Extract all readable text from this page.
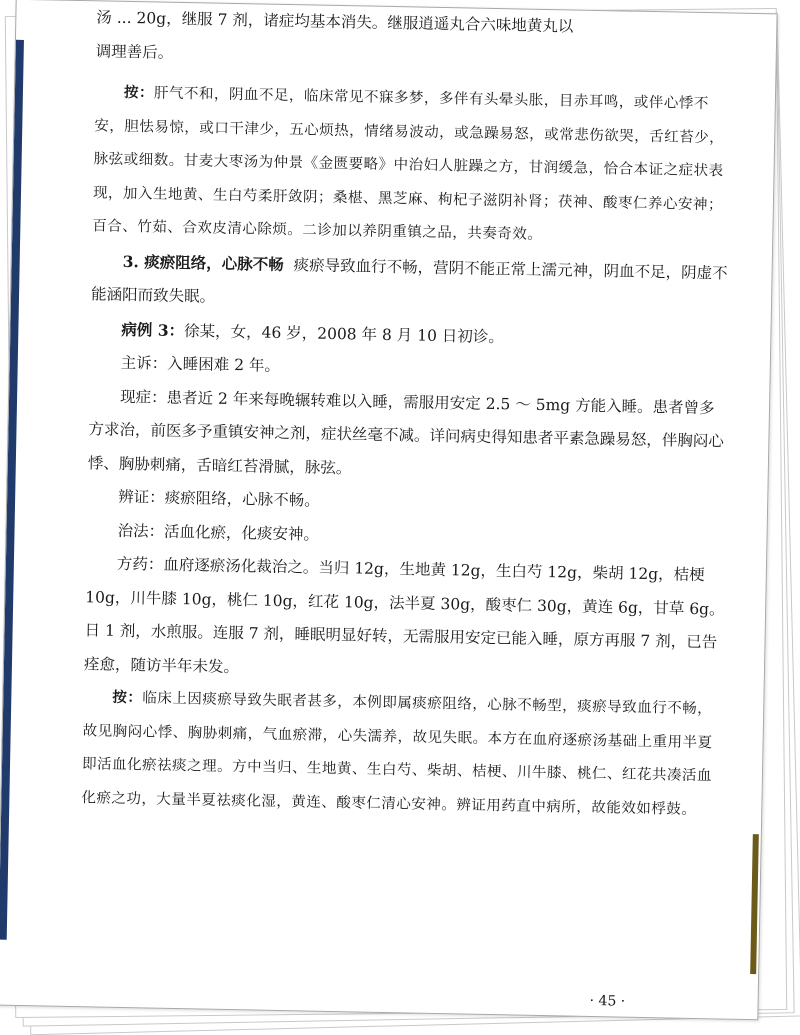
汤 ... 20g，继服 7 剂，诸症均基本消失。继服逍遥丸合六味地黄丸以

调理善后。

按：肝气不和，阴血不足，临床常见不寐多梦，多伴有头晕头胀，目赤耳鸣，或伴心悸不安，胆怯易惊，或口干津少，五心烦热，情绪易波动，或急躁易怒，或常悲伤欲哭，舌红苔少，脉弦或细数。甘麦大枣汤为仲景《金匮要略》中治妇人脏躁之方，甘润缓急，恰合本证之症状表现，加入生地黄、生白芍柔肝敛阴；桑椹、黑芝麻、枸杞子滋阴补肾；茯神、酸枣仁养心安神；百合、竹茹、合欢皮清心除烦。二诊加以养阴重镇之品，共奏奇效。

3. 痰瘀阻络，心脉不畅 痰瘀导致血行不畅，营阴不能正常上濡元神，阴血不足，阴虚不能涵阳而致失眠。

病例 3：徐某，女，46 岁，2008 年 8 月 10 日初诊。

主诉：入睡困难 2 年。

现症：患者近 2 年来每晚辗转难以入睡，需服用安定 2.5 ～ 5mg 方能入睡。患者曾多方求治，前医多予重镇安神之剂，症状丝毫不减。详问病史得知患者平素急躁易怒，伴胸闷心悸、胸胁刺痛，舌暗红苔滑腻，脉弦。

辨证：痰瘀阻络，心脉不畅。

治法：活血化瘀，化痰安神。

方药：血府逐瘀汤化裁治之。当归 12g，生地黄 12g，生白芍 12g，柴胡 12g，桔梗 10g，川牛膝 10g，桃仁 10g，红花 10g，法半夏 30g，酸枣仁 30g，黄连 6g，甘草 6g。日 1 剂，水煎服。连服 7 剂，睡眠明显好转，无需服用安定已能入睡，原方再服 7 剂，已告痊愈，随访半年未发。

按：临床上因痰瘀导致失眠者甚多，本例即属痰瘀阻络，心脉不畅型，痰瘀导致血行不畅，故见胸闷心悸、胸胁刺痛，气血瘀滞，心失濡养，故见失眠。本方在血府逐瘀汤基础上重用半夏即活血化瘀祛痰之理。方中当归、生地黄、生白芍、柴胡、桔梗、川牛膝、桃仁、红花共凑活血化瘀之功，大量半夏祛痰化湿，黄连、酸枣仁清心安神。辨证用药直中病所，故能效如桴鼓。

· 45 ·
